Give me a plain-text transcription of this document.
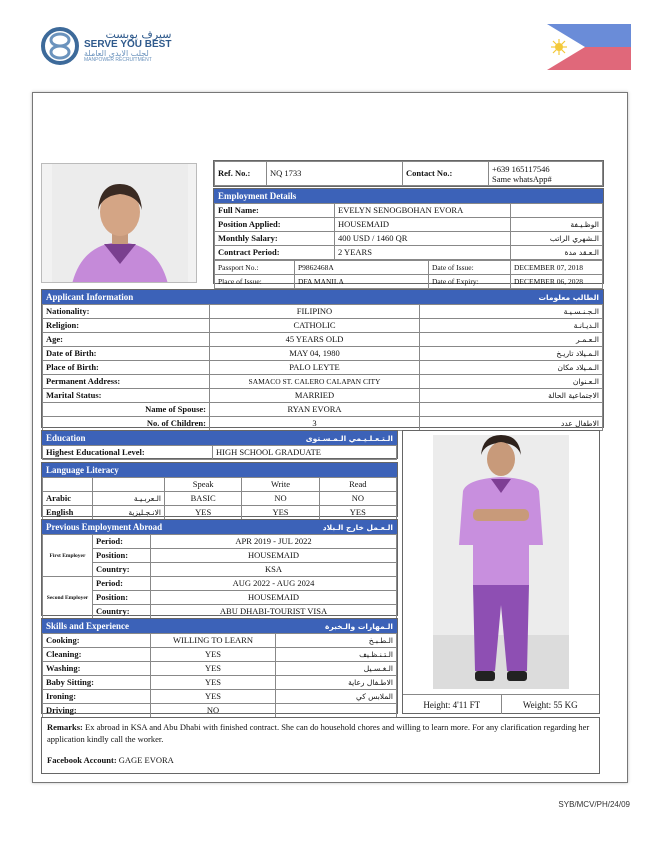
سيرف يوبست
SERVE YOU BEST
لجلب الايدي العاملة
MANPOWER RECRUITMENT
Ref. No.:	NQ 1733	Contact No.:	+639 165117546
Same whatsApp#
Employment Details
Full Name:	EVELYN SENOGBOHAN EVORA	
Position Applied:	HOUSEMAID	الوظـيـفة
Monthly Salary:	400 USD / 1460 QR	الـشهري الراتب
Contract Period:	2 YEARS	الـعـقد مدة
Passport No.:	P9862468A	Date of Issue:	DECEMBER 07, 2018
Place of Issue:	DFA MANILA	Date of Expiry:	DECEMBER 06, 2028
Applicant Information	الطالب معلومات
Nationality:	FILIPINO	الـجـنـسـيـة
Religion:	CATHOLIC	الـديـانـة
Age:	45 YEARS OLD	الـعـمـر
Date of Birth:	MAY 04, 1980	الـمـيلاد تاريـخ
Place of Birth:	PALO LEYTE	الـمـيلاد مكان
Permanent Address:	SAMACO ST. CALERO CALAPAN CITY	الـعـنوان
Marital Status:	MARRIED	الاجتماعية الحالة
Name of Spouse:	RYAN EVORA	
No. of Children:	3	الاطفال عدد
Education	الـتـعـلـيـمي الـمـسـتوى
Highest Educational Level:	HIGH SCHOOL GRADUATE
Language Literacy
		Speak	Write	Read
Arabic	الـعربـيـة	BASIC	NO	NO
English	الانـجـليزية	YES	YES	YES
Previous Employment Abroad	الـعـمل خارج الـبلاد
First Employer	Period:	APR 2019 - JUL 2022
	Position:	HOUSEMAID
	Country:	KSA
Second Employer	Period:	AUG 2022 - AUG 2024
	Position:	HOUSEMAID
	Country:	ABU DHABI-TOURIST VISA
Skills and Experience	الـمهارات والـخبرة
Cooking:	WILLING TO LEARN	الـطـبـخ
Cleaning:	YES	الـتـنـظـيف
Washing:	YES	الـغـسـيل
Baby Sitting:	YES	الاطـفال رعاية
Ironing:	YES	الملابس كي
Driving:	NO	
Height: 4'11 FT	Weight: 55 KG
Remarks: Ex abroad in KSA and Abu Dhabi with finished contract. She can do household chores and willing to learn more. For any clarification regarding her application kindly call the worker.
Facebook Account: GAGE EVORA
SYB/MCV/PH/24/09
